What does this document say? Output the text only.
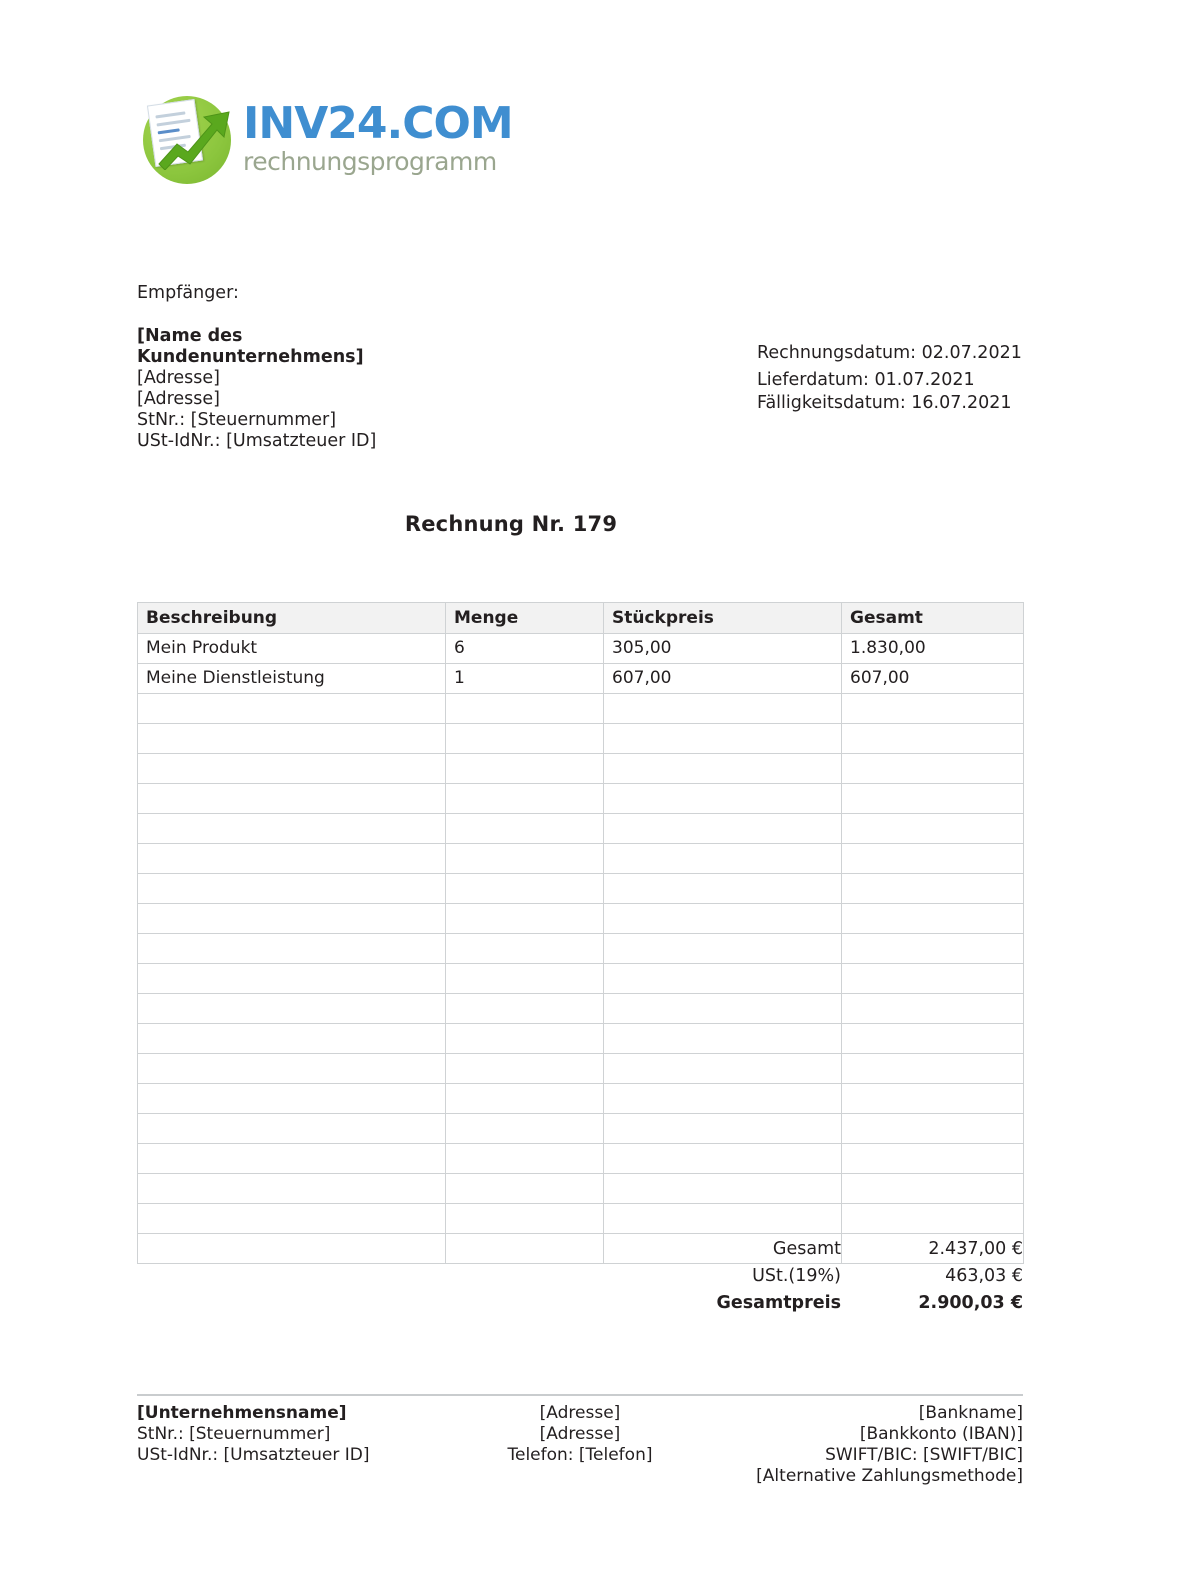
INV24.COM
rechnungsprogramm
Empfänger:
[Name des Kundenunternehmens]
[Adresse]
[Adresse]
StNr.: [Steuernummer]
USt-IdNr.: [Umsatzteuer ID]
Rechnungsdatum: 02.07.2021
Lieferdatum: 01.07.2021
Fälligkeitsdatum: 16.07.2021
Rechnung Nr. 179
Beschreibung	Menge	Stückpreis	Gesamt
Mein Produkt	6	305,00	1.830,00
Meine Dienstleistung	1	607,00	607,00

Gesamt	2.437,00 €
USt.(19%)	463,03 €
Gesamtpreis	2.900,03 €
[Unternehmensname]
StNr.: [Steuernummer]
USt-IdNr.: [Umsatzteuer ID]
[Adresse]
[Adresse]
Telefon: [Telefon]
[Bankname]
[Bankkonto (IBAN)]
SWIFT/BIC: [SWIFT/BIC]
[Alternative Zahlungsmethode]
